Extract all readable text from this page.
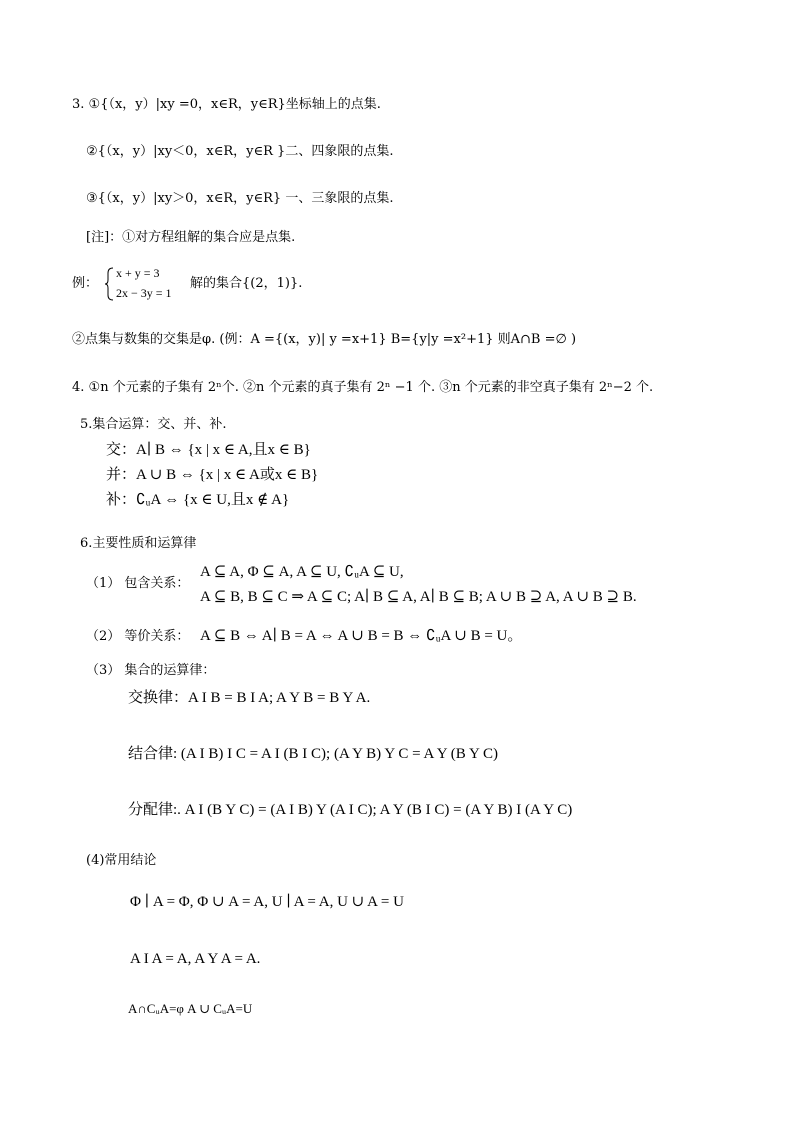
3. ①{（x，y）|xy =0，x∈R，y∈R}坐标轴上的点集.
②{（x，y）|xy＜0，x∈R，y∈R }二、四象限的点集.
③{（x，y）|xy＞0，x∈R，y∈R} 一、三象限的点集.
[注]：①对方程组解的集合应是点集.
例：
x + y = 3
2x − 3y = 1
解的集合{(2，1)}.
②点集与数集的交集是φ. (例：A ={(x，y)| y =x+1} B={y|y =x²+1} 则A∩B =∅ )
4. ①n 个元素的子集有 2ⁿ个. ②n 个元素的真子集有 2ⁿ −1 个. ③n 个元素的非空真子集有 2ⁿ−2 个.
5.集合运算：交、并、补.
交：A∣ B ⇔ {x | x ∈ A,且x ∈ B}
并：A ∪ B ⇔ {x | x ∈ A或x ∈ B}
补：∁ᵤA ⇔ {x ∈ U,且x ∉ A}
6.主要性质和运算律
（1） 包含关系：
A ⊆ A, Φ ⊆ A, A ⊆ U, ∁ᵤA ⊆ U,
A ⊆ B, B ⊆ C ⇒ A ⊆ C; A∣ B ⊆ A, A∣ B ⊆ B; A ∪ B ⊇ A, A ∪ B ⊇ B.
（2） 等价关系： A ⊆ B ⇔ A∣ B = A ⇔ A ∪ B = B ⇔ ∁ᵤA ∪ B = U。
（3） 集合的运算律：
交换律：A I B = B I A; A Y B = B Y A.
结合律: (A I B) I C = A I (B I C); (A Y B) Y C = A Y (B Y C)
分配律:. A I (B Y C) = (A I B) Y (A I C); A Y (B I C) = (A Y B) I (A Y C)
(4)常用结论
Φ ∣ A = Φ, Φ ∪ A = A, U ∣ A = A, U ∪ A = U
A I A = A, A Y A = A.
A∩CᵤA=φ A ∪ CᵤA=U
